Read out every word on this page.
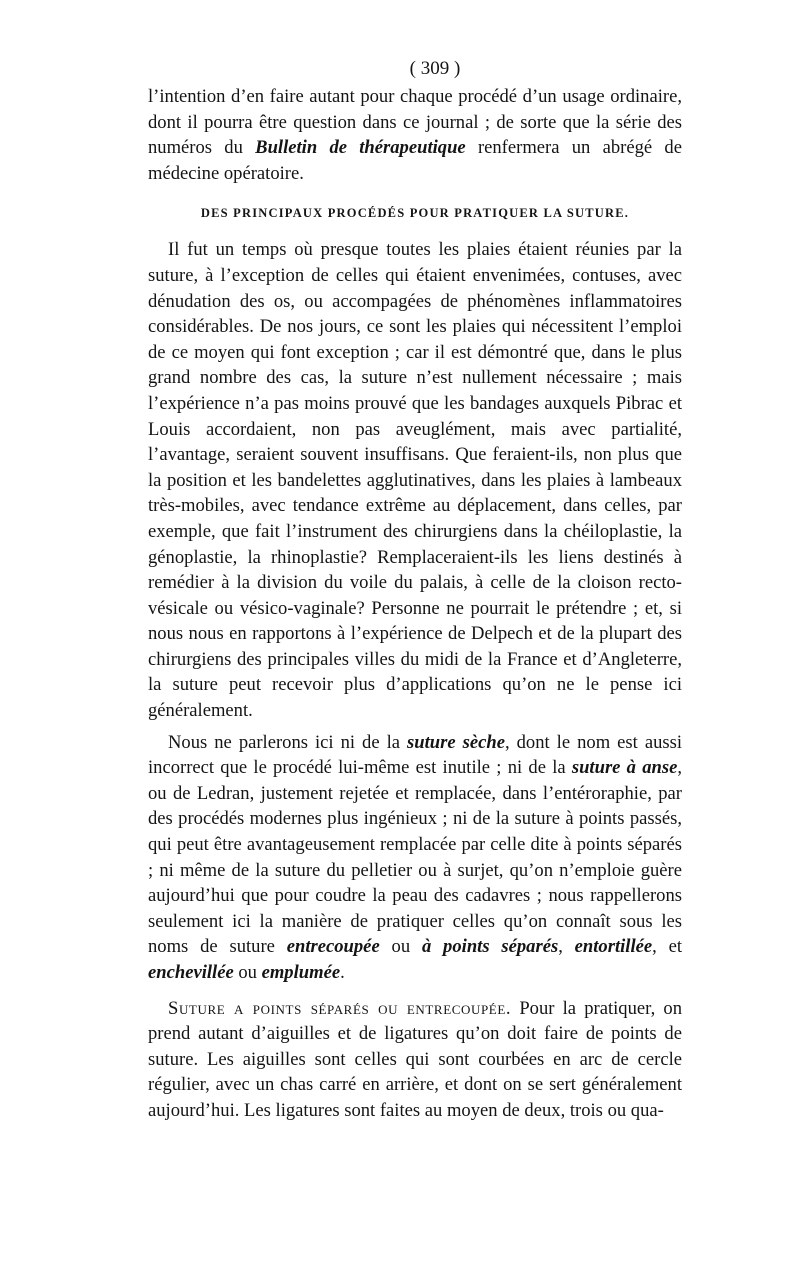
( 309 )

l’intention d’en faire autant pour chaque procédé d’un usage ordinaire, dont il pourra être question dans ce journal ; de sorte que la série des numéros du Bulletin de thérapeutique renfermera un abrégé de médecine opératoire.

DES PRINCIPAUX PROCÉDÉS POUR PRATIQUER LA SUTURE.

Il fut un temps où presque toutes les plaies étaient réunies par la suture, à l’exception de celles qui étaient envenimées, contuses, avec dénudation des os, ou accompagées de phénomènes inflammatoires considérables. De nos jours, ce sont les plaies qui nécessitent l’emploi de ce moyen qui font exception ; car il est démontré que, dans le plus grand nombre des cas, la suture n’est nullement nécessaire ; mais l’expérience n’a pas moins prouvé que les bandages auxquels Pibrac et Louis accordaient, non pas aveuglément, mais avec partialité, l’avantage, seraient souvent insuffisans. Que feraient-ils, non plus que la position et les bandelettes agglutinatives, dans les plaies à lambeaux très-mobiles, avec tendance extrême au déplacement, dans celles, par exemple, que fait l’instrument des chirurgiens dans la chéiloplastie, la génoplastie, la rhinoplastie? Remplaceraient-ils les liens destinés à remédier à la division du voile du palais, à celle de la cloison recto-vésicale ou vésico-vaginale? Personne ne pourrait le prétendre ; et, si nous nous en rapportons à l’expérience de Delpech et de la plupart des chirurgiens des principales villes du midi de la France et d’Angleterre, la suture peut recevoir plus d’applications qu’on ne le pense ici généralement.

Nous ne parlerons ici ni de la suture sèche, dont le nom est aussi incorrect que le procédé lui-même est inutile ; ni de la suture à anse, ou de Ledran, justement rejetée et remplacée, dans l’entéroraphie, par des procédés modernes plus ingénieux ; ni de la suture à points passés, qui peut être avantageusement remplacée par celle dite à points séparés ; ni même de la suture du pelletier ou à surjet, qu’on n’emploie guère aujourd’hui que pour coudre la peau des cadavres ; nous rappellerons seulement ici la manière de pratiquer celles qu’on connaît sous les noms de suture entrecoupée ou à points séparés, entortillée, et enchevillée ou emplumée.

Suture a points séparés ou entrecoupée. Pour la pratiquer, on prend autant d’aiguilles et de ligatures qu’on doit faire de points de suture. Les aiguilles sont celles qui sont courbées en arc de cercle régulier, avec un chas carré en arrière, et dont on se sert généralement aujourd’hui. Les ligatures sont faites au moyen de deux, trois ou qua-
